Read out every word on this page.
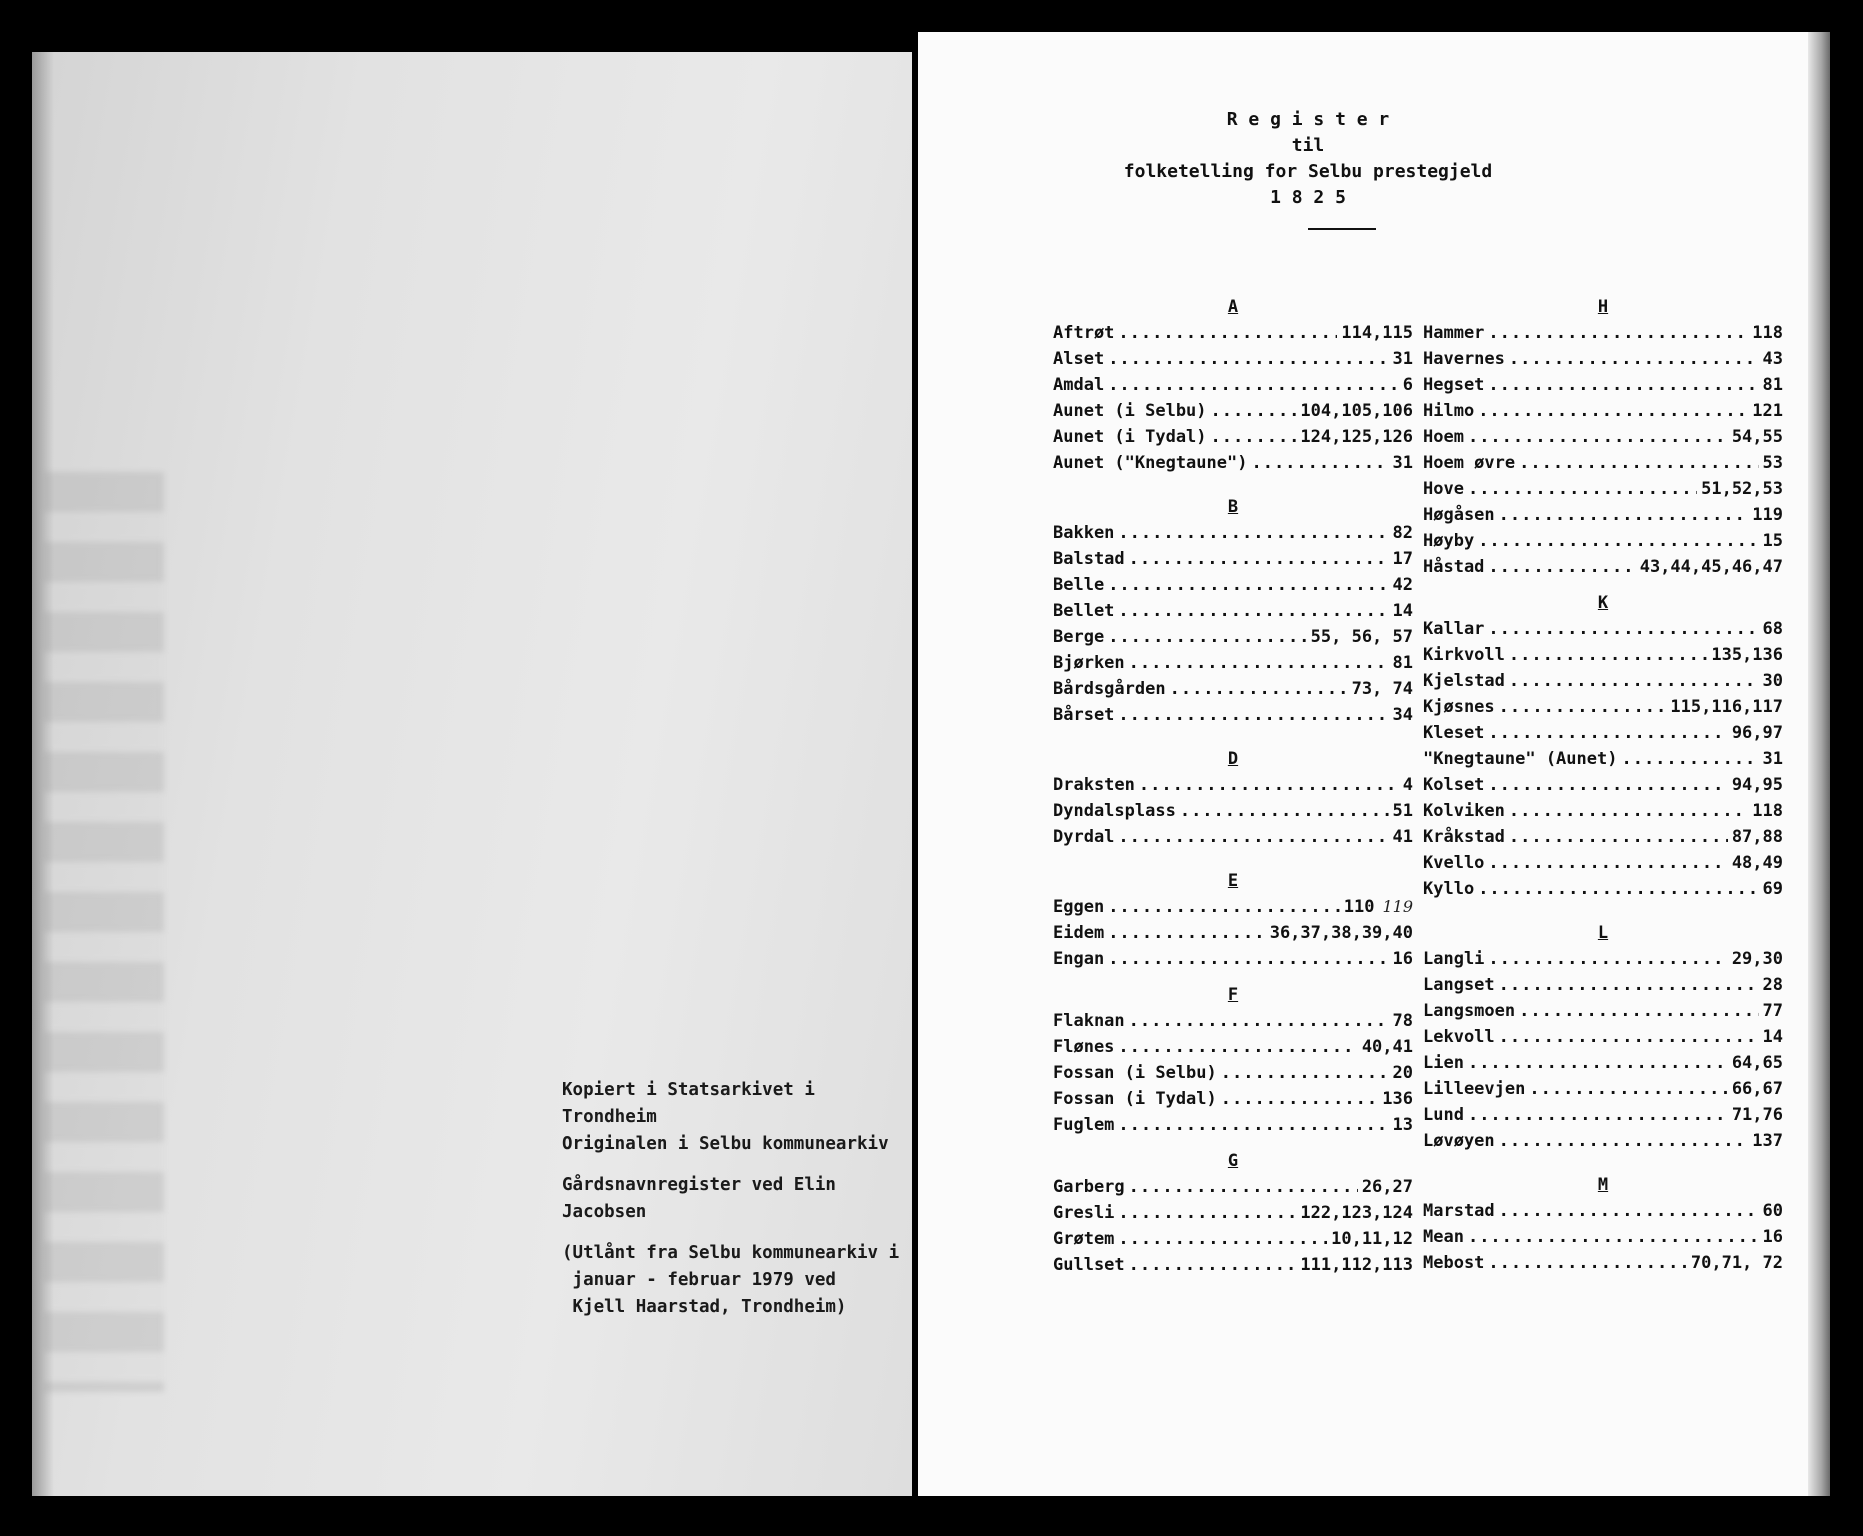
Kopiert i Statsarkivet i Trondheim
Originalen i Selbu kommunearkiv
Gårdsnavnregister ved Elin Jacobsen
(Utlånt fra Selbu kommunearkiv i
januar - februar 1979 ved
Kjell Haarstad, Trondheim)
R e g i s t e r
til
folketelling for Selbu prestegjeld
1 8 2 5
A
Aftrøt .....	114,115
Alset .....	31
Amdal .....	6
Aunet (i Selbu) .....	104,105,106
Aunet (i Tydal) .....	124,125,126
Aunet ("Knegtaune") .....	31
B
Bakken .....	82
Balstad .....	17
Belle .....	42
Bellet .....	14
Berge .....	55, 56, 57
Bjørken .....	81
Bårdsgården .....	73, 74
Bårset .....	34
D
Draksten .....	4
Dyndalsplass .....	51
Dyrdal .....	41
E
Eggen .....	110 119
Eidem .....	36,37,38,39,40
Engan .....	16
F
Flaknan .....	78
Flønes .....	40,41
Fossan (i Selbu) .....	20
Fossan (i Tydal) .....	136
Fuglem .....	13
G
Garberg .....	26,27
Gresli .....	122,123,124
Grøtem .....	10,11,12
Gullset .....	111,112,113
H
Hammer .....	118
Havernes .....	43
Hegset .....	81
Hilmo .....	121
Hoem .....	54,55
Hoem øvre .....	53
Hove .....	51,52,53
Høgåsen .....	119
Høyby .....	15
Håstad .....	43,44,45,46,47
K
Kallar .....	68
Kirkvoll .....	135,136
Kjelstad .....	30
Kjøsnes .....	115,116,117
Kleset .....	96,97
"Knegtaune" (Aunet) .....	31
Kolset .....	94,95
Kolviken .....	118
Kråkstad .....	87,88
Kvello .....	48,49
Kyllo .....	69
L
Langli .....	29,30
Langset .....	28
Langsmoen .....	77
Lekvoll .....	14
Lien .....	64,65
Lilleevjen .....	66,67
Lund .....	71,76
Løvøyen .....	137
M
Marstad .....	60
Mean .....	16
Mebost .....	70,71, 72
